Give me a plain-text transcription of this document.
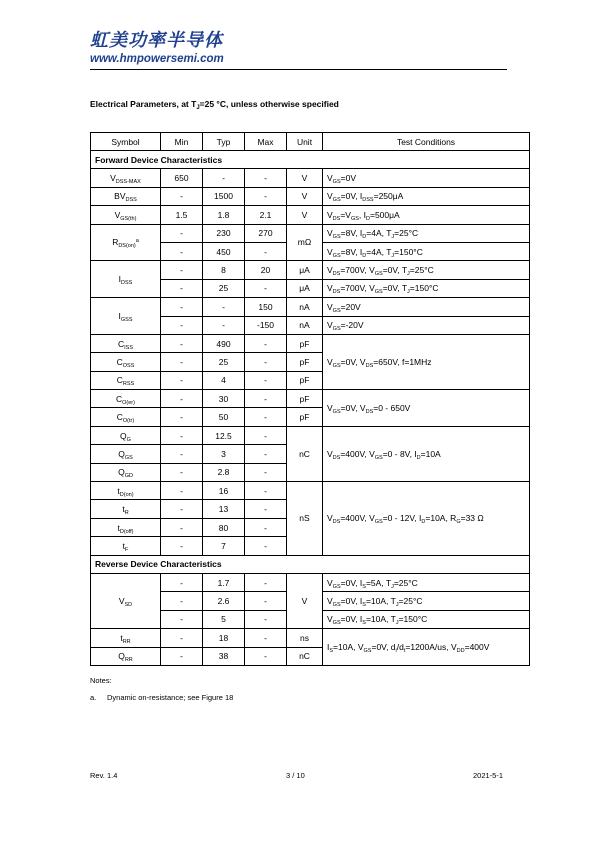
虹美功率半导体
www.hmpowersemi.com
Electrical Parameters, at $T_J=25$ °C, unless otherwise specified
Symbol	Min	Typ	Max	Unit	Test Conditions
Forward Device Characteristics					
$V_{DSS-MAX}$	650	-	-	V	$V_{GS}=0V$
$BV_{DSS}$	-	1500	-	V	$V_{GS}=0V$, $I_{DSS}=250\mu A$
$V_{GS(th)}$	1.5	1.8	2.1	V	$V_{DS}=V_{GS}$, $I_D=500\mu A$
$R_{DS(on)}^a$	-	230	270	mΩ	$V_{GS}=8V$, $I_D=4A$, $T_J=25^\circ C$
	-	450	-		$V_{GS}=8V$, $I_D=4A$, $T_J=150^\circ C$
$I_{DSS}$	-	8	20	μA	$V_{DS}=700V$, $V_{GS}=0V$, $T_J=25^\circ C$
	-	25	-	μA	$V_{DS}=700V$, $V_{GS}=0V$, $T_J=150^\circ C$
$I_{GSS}$	-	-	150	nA	$V_{GS}=20V$
	-	-	-150	nA	$V_{GS}=-20V$
$C_{ISS}$	-	490	-	pF	$V_{GS}=0V$, $V_{DS}=650V$, f=1MHz
$C_{OSS}$	-	25	-	pF	
$C_{RSS}$	-	4	-	pF	
$C_{O(er)}$	-	30	-	pF	$V_{GS}=0V$, $V_{DS}=0 - 650V$
$C_{O(tr)}$	-	50	-	pF	
$Q_G$	-	12.5	-	nC	$V_{DS}=400V$, $V_{GS}=0 - 8V$, $I_D=10A$
$Q_{GS}$	-	3	-		
$Q_{GD}$	-	2.8	-		
$t_{D(on)}$	-	16	-	nS	$V_{DS}=400V$, $V_{GS}=0 - 12V$, $I_D=10A$, $R_G=33$ Ω
$t_R$	-	13	-		
$t_{D(off)}$	-	80	-		
$t_F$	-	7	-		
Reverse Device Characteristics					
$V_{SD}$	-	1.7	-	V	$V_{GS}=0V$, $I_S=5A$, $T_J=25^\circ C$
	-	2.6	-		$V_{GS}=0V$, $I_S=10A$, $T_J=25^\circ C$
	-	5	-		$V_{GS}=0V$, $I_S=10A$, $T_J=150^\circ C$
$t_{RR}$	-	18	-	ns	$I_S=10A$, $V_{GS}=0V$, $d_i/d_t=1200A/us$, $V_{DD}=400V$
$Q_{RR}$	-	38	-	nC	
Notes:
a. Dynamic on-resistance; see Figure 18
Rev. 1.4	3 / 10	2021-5-1
